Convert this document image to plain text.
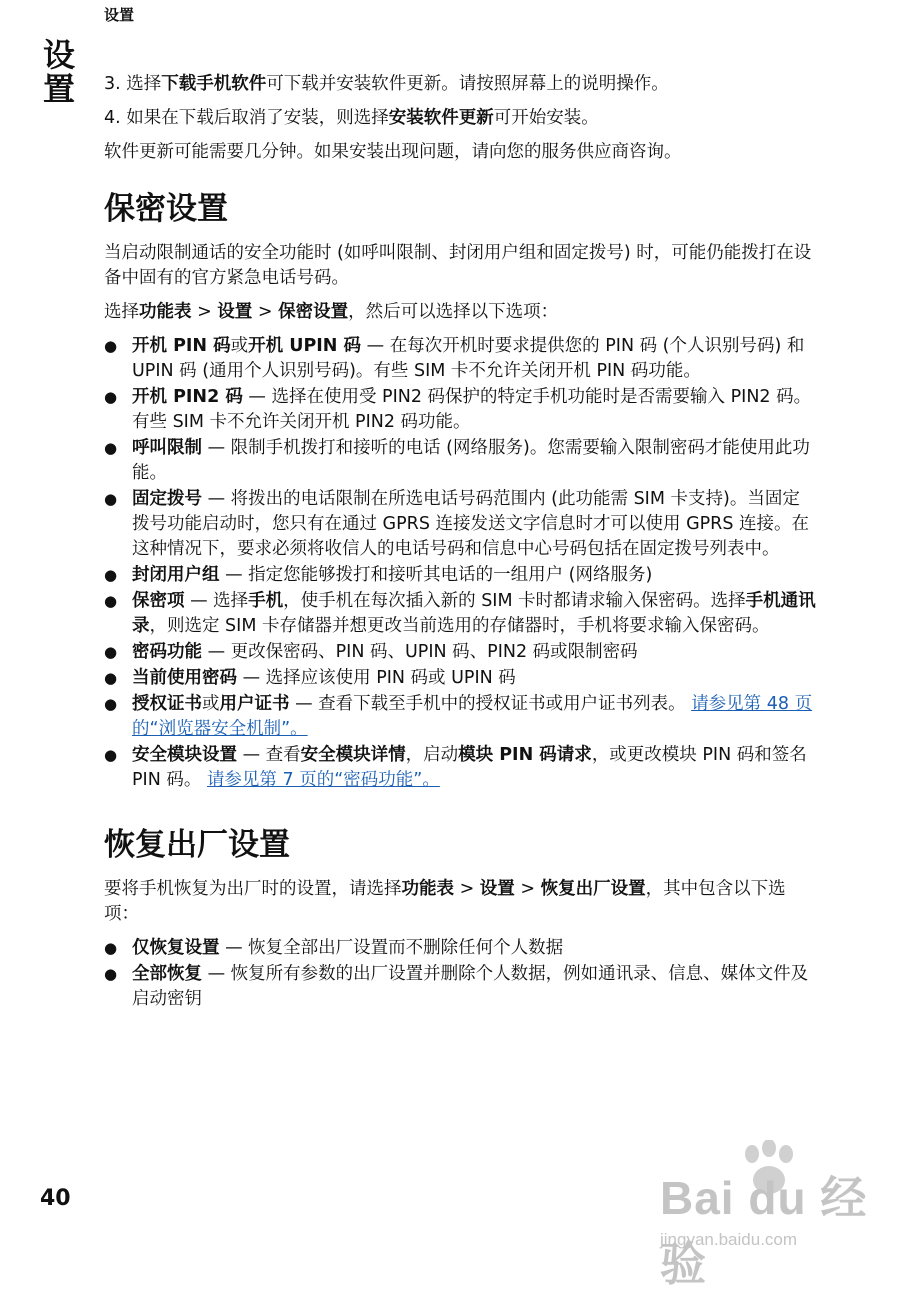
设置
设置 3. 选择下载手机软件可下载并安装软件更新。请按照屏幕上的说明操作。

4. 如果在下载后取消了安装，则选择安装软件更新可开始安装。

软件更新可能需要几分钟。如果安装出现问题，请向您的服务供应商咨询。

保密设置

当启动限制通话的安全功能时 (如呼叫限制、封闭用户组和固定拨号) 时，可能仍能拨打在设备中固有的官方紧急电话号码。

选择功能表 > 设置 > 保密设置，然后可以选择以下选项：

● 开机 PIN 码或开机 UPIN 码 — 在每次开机时要求提供您的 PIN 码 (个人识别号码) 和 UPIN 码 (通用个人识别号码)。有些 SIM 卡不允许关闭开机 PIN 码功能。
● 开机 PIN2 码 — 选择在使用受 PIN2 码保护的特定手机功能时是否需要输入 PIN2 码。有些 SIM 卡不允许关闭开机 PIN2 码功能。
● 呼叫限制 — 限制手机拨打和接听的电话 (网络服务)。您需要输入限制密码才能使用此功能。
● 固定拨号 — 将拨出的电话限制在所选电话号码范围内 (此功能需 SIM 卡支持)。当固定拨号功能启动时，您只有在通过 GPRS 连接发送文字信息时才可以使用 GPRS 连接。在这种情况下，要求必须将收信人的电话号码和信息中心号码包括在固定拨号列表中。
● 封闭用户组 — 指定您能够拨打和接听其电话的一组用户 (网络服务)
● 保密项 — 选择手机，使手机在每次插入新的 SIM 卡时都请求输入保密码。选择手机通讯录，则选定 SIM 卡存储器并想更改当前选用的存储器时，手机将要求输入保密码。
● 密码功能 — 更改保密码、PIN 码、UPIN 码、PIN2 码或限制密码
● 当前使用密码 — 选择应该使用 PIN 码或 UPIN 码
● 授权证书或用户证书 — 查看下载至手机中的授权证书或用户证书列表。 请参见第 48 页的“浏览器安全机制”。
● 安全模块设置 — 查看安全模块详情，启动模块 PIN 码请求，或更改模块 PIN 码和签名 PIN 码。 请参见第 7 页的“密码功能”。

恢复出厂设置

要将手机恢复为出厂时的设置，请选择功能表 > 设置 > 恢复出厂设置，其中包含以下选项：

● 仅恢复设置 — 恢复全部出厂设置而不删除任何个人数据
● 全部恢复 — 恢复所有参数的出厂设置并删除个人数据，例如通讯录、信息、媒体文件及启动密钥
40	Bai du 经验
jingyan.baidu.com
